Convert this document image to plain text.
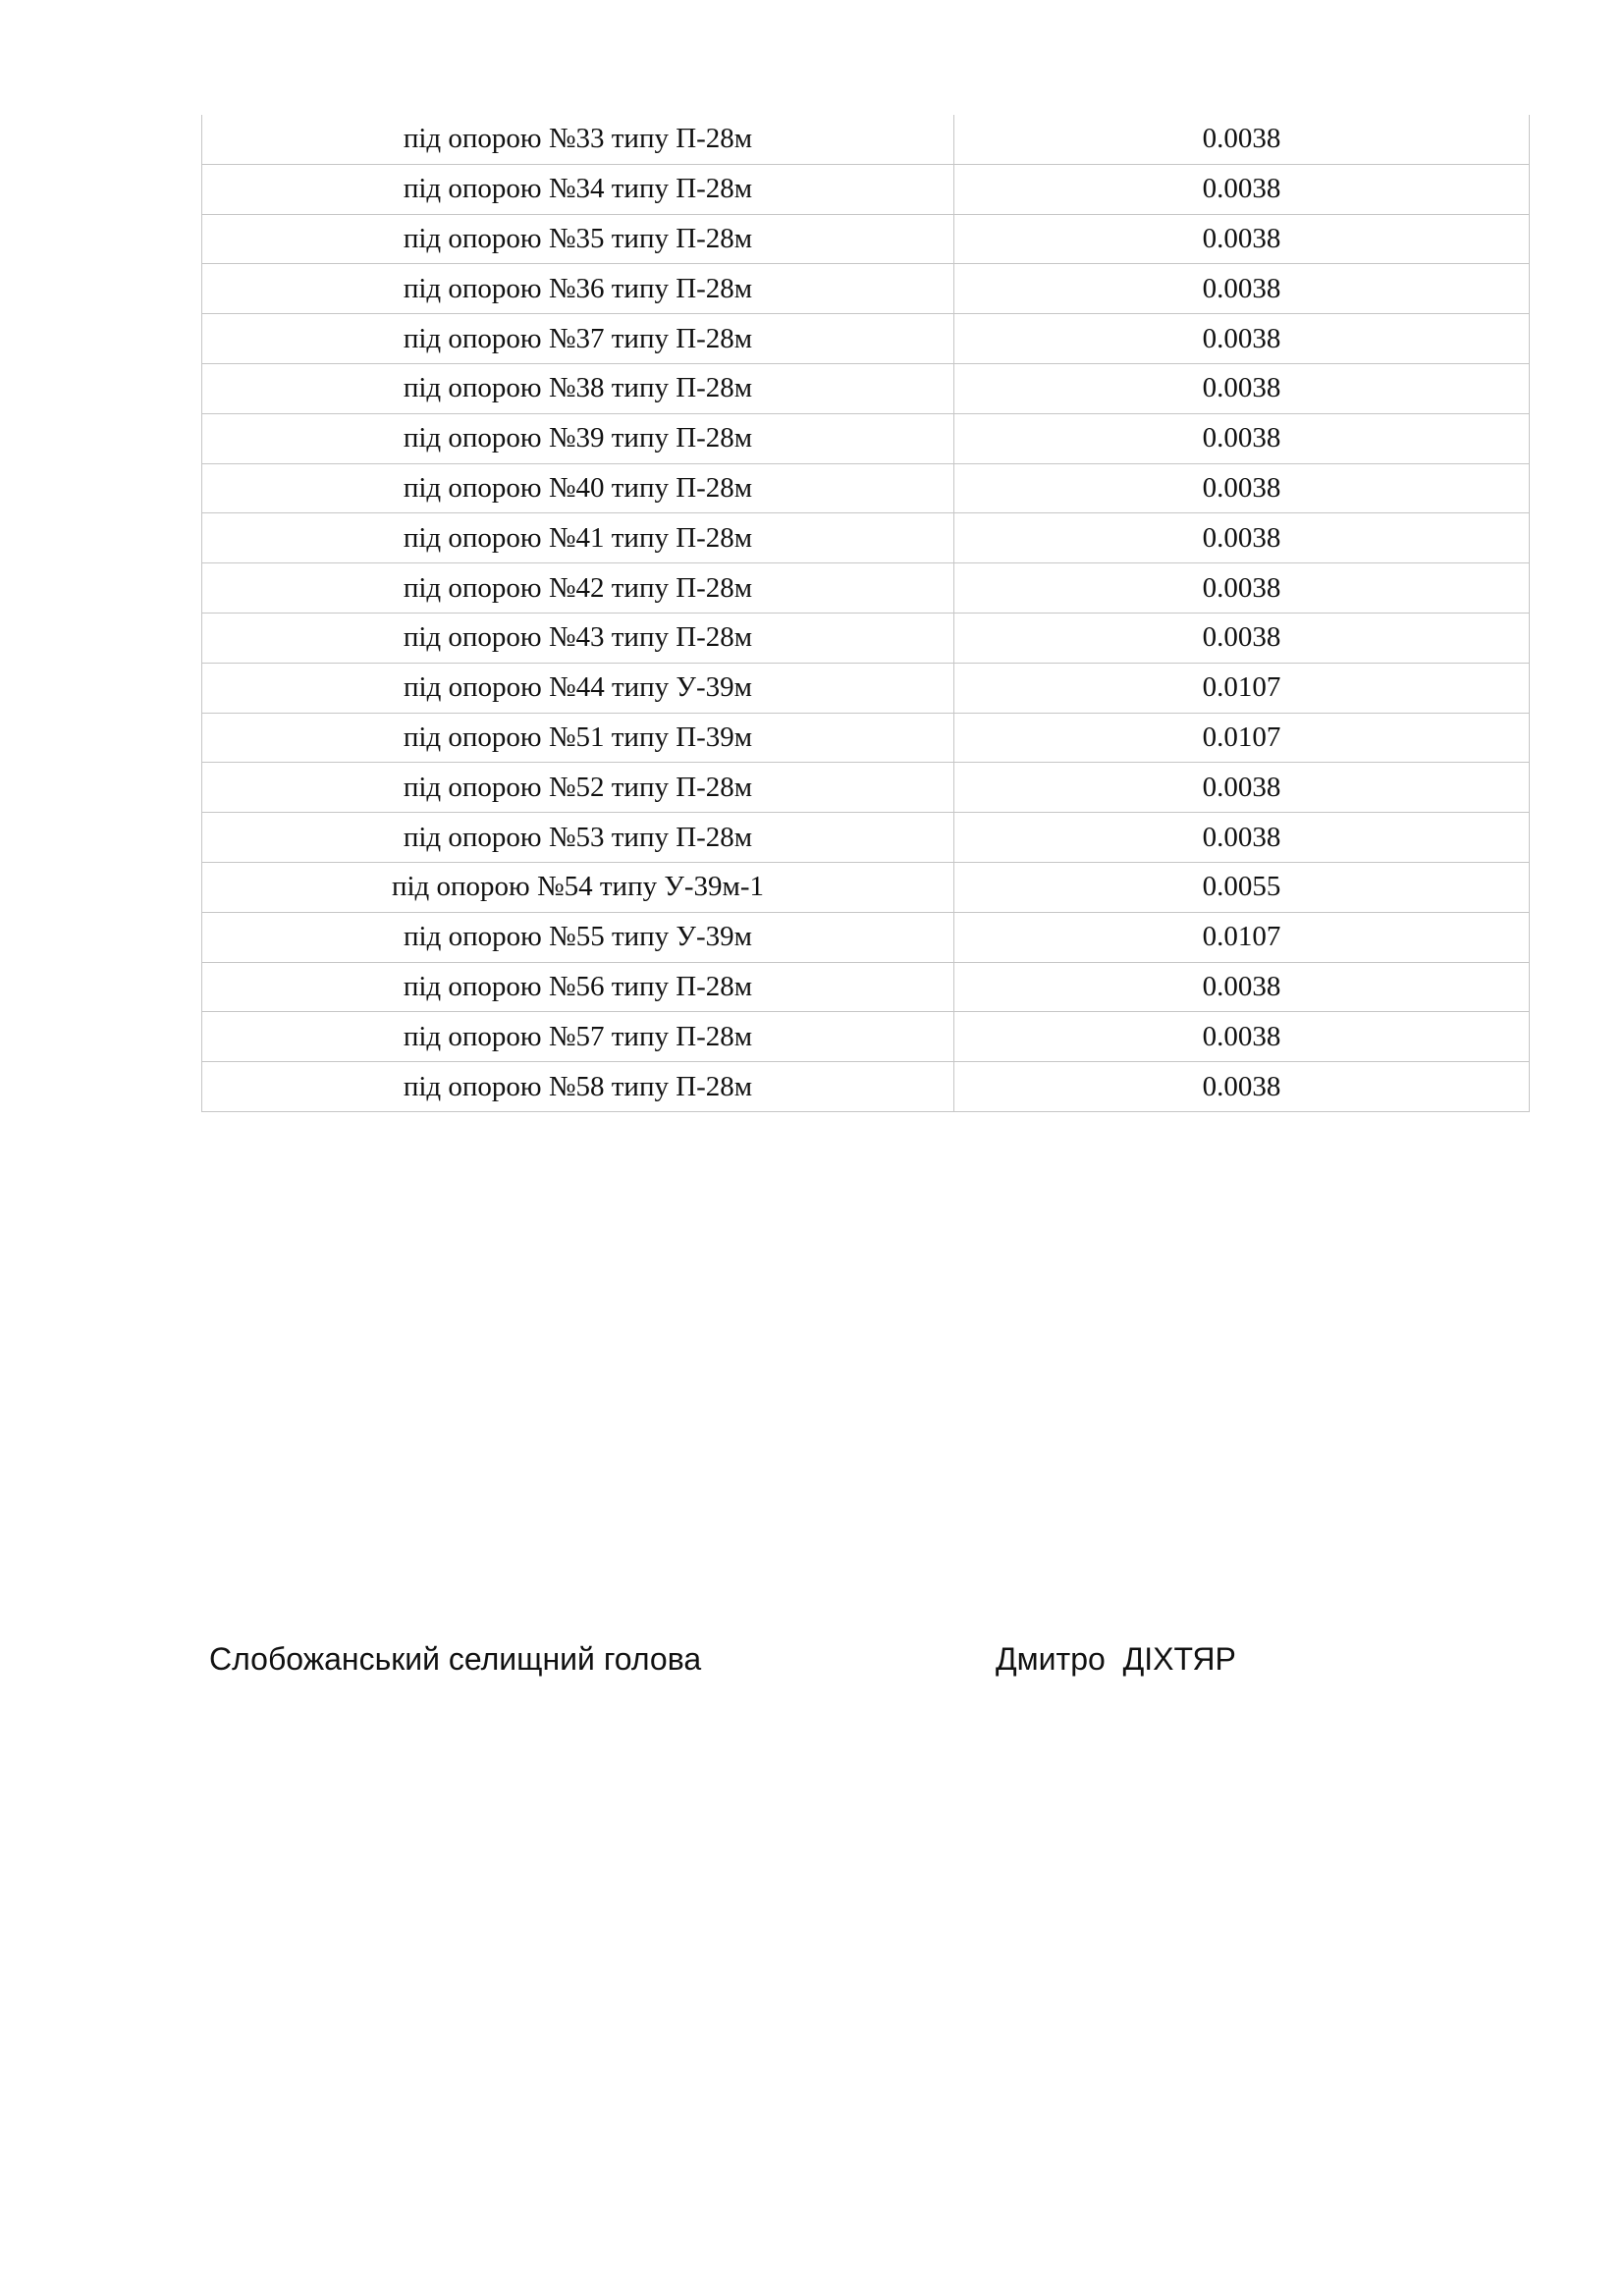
під опорою №33 типу П-28м	0.0038
під опорою №34 типу П-28м	0.0038
під опорою №35 типу П-28м	0.0038
під опорою №36 типу П-28м	0.0038
під опорою №37 типу П-28м	0.0038
під опорою №38 типу П-28м	0.0038
під опорою №39 типу П-28м	0.0038
під опорою №40 типу П-28м	0.0038
під опорою №41 типу П-28м	0.0038
під опорою №42 типу П-28м	0.0038
під опорою №43 типу П-28м	0.0038
під опорою №44 типу У-39м	0.0107
під опорою №51 типу П-39м	0.0107
під опорою №52 типу П-28м	0.0038
під опорою №53 типу П-28м	0.0038
під опорою №54 типу У-39м-1	0.0055
під опорою №55 типу У-39м	0.0107
під опорою №56 типу П-28м	0.0038
під опорою №57 типу П-28м	0.0038
під опорою №58 типу П-28м	0.0038
Слобожанський селищний голова	Дмитро  ДІХТЯР
